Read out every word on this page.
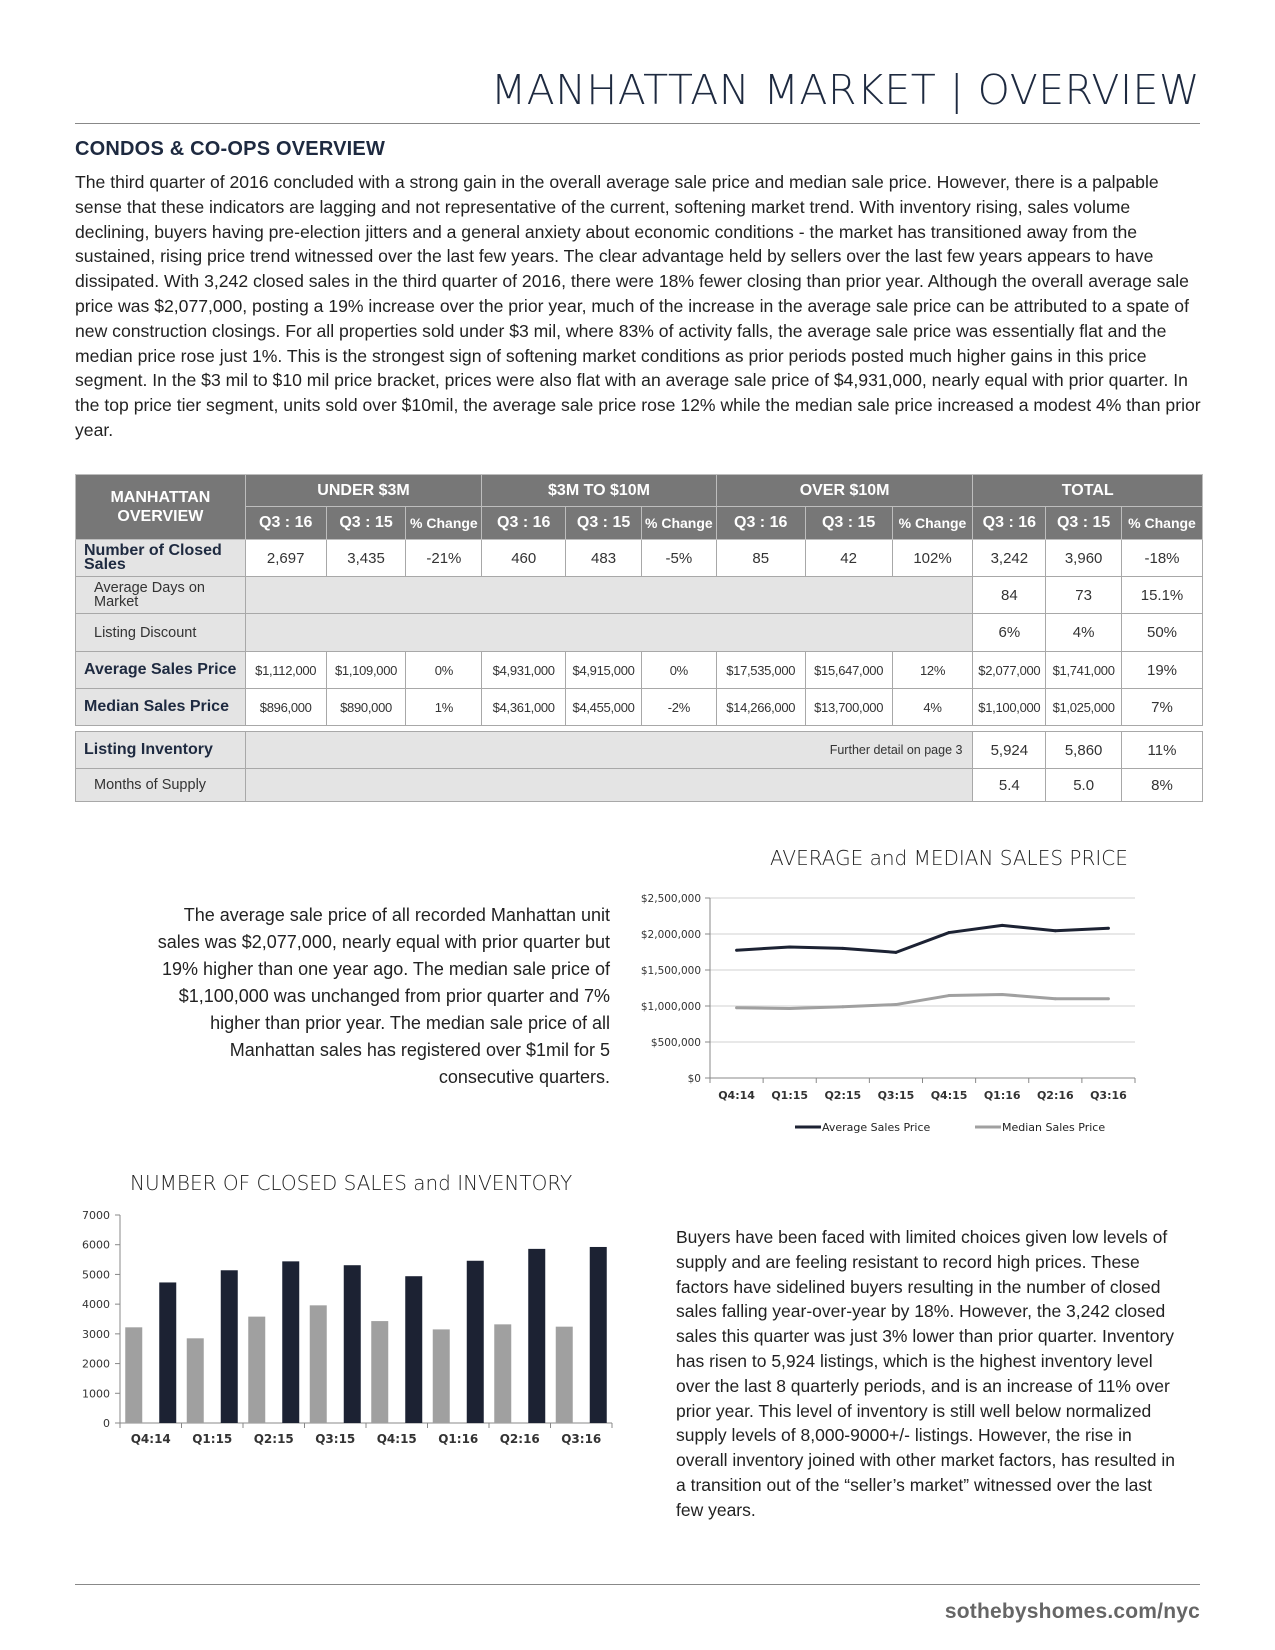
MANHATTAN MARKET | OVERVIEW
CONDOS & CO-OPS OVERVIEW

The third quarter of 2016 concluded with a strong gain in the overall average sale price and median sale price. However, there is a palpable sense that these indicators are lagging and not representative of the current, softening market trend. With inventory rising, sales volume declining, buyers having pre-election jitters and a general anxiety about economic conditions - the market has transitioned away from the sustained, rising price trend witnessed over the last few years. The clear advantage held by sellers over the last few years appears to have dissipated. With 3,242 closed sales in the third quarter of 2016, there were 18% fewer closing than prior year. Although the overall average sale price was $2,077,000, posting a 19% increase over the prior year, much of the increase in the average sale price can be attributed to a spate of new construction closings. For all properties sold under $3 mil, where 83% of activity falls, the average sale price was essentially flat and the median price rose just 1%. This is the strongest sign of softening market conditions as prior periods posted much higher gains in this price segment. In the $3 mil to $10 mil price bracket, prices were also flat with an average sale price of $4,931,000, nearly equal with prior quarter. In the top price tier segment, units sold over $10mil, the average sale price rose 12% while the median sale price increased a modest 4% than prior year.

MANHATTAN OVERVIEW	UNDER $3M			$3M TO $10M			OVER $10M			TOTAL		
	Q3 : 16	Q3 : 15	% Change	Q3 : 16	Q3 : 15	% Change	Q3 : 16	Q3 : 15	% Change	Q3 : 16	Q3 : 15	% Change
Number of Closed Sales	2,697	3,435	-21%	460	483	-5%	85	42	102%	3,242	3,960	-18%
Average Days on Market										84	73	15.1%
Listing Discount										6%	4%	50%
Average Sales Price	$1,112,000	$1,109,000	0%	$4,931,000	$4,915,000	0%	$17,535,000	$15,647,000	12%	$2,077,000	$1,741,000	19%
Median Sales Price	$896,000	$890,000	1%	$4,361,000	$4,455,000	-2%	$14,266,000	$13,700,000	4%	$1,100,000	$1,025,000	7%

Listing Inventory	Further detail on page 3									5,924	5,860	11%
Months of Supply										5.4	5.0	8%
AVERAGE and MEDIAN SALES PRICE
$0
$500,000
$1,000,000
$1,500,000
$2,000,000
$2,500,000
Q4:14 Q1:15 Q2:15 Q3:15 Q4:15 Q1:16 Q2:16 Q3:16
Average Sales Price	Median Sales Price

The average sale price of all recorded Manhattan unit sales was $2,077,000, nearly equal with prior quarter but 19% higher than one year ago. The median sale price of $1,100,000 was unchanged from prior quarter and 7% higher than prior year. The median sale price of all Manhattan sales has registered over $1mil for 5 consecutive quarters.

NUMBER OF CLOSED SALES and INVENTORY
0
1000
2000
3000
4000
5000
6000
7000
Q4:14 Q1:15 Q2:15 Q3:15 Q4:15 Q1:16 Q2:16 Q3:16

Buyers have been faced with limited choices given low levels of supply and are feeling resistant to record high prices. These factors have sidelined buyers resulting in the number of closed sales falling year-over-year by 18%. However, the 3,242 closed sales this quarter was just 3% lower than prior quarter. Inventory has risen to 5,924 listings, which is the highest inventory level over the last 8 quarterly periods, and is an increase of 11% over prior year. This level of inventory is still well below normalized supply levels of 8,000-9000+/- listings. However, the rise in overall inventory joined with other market factors, has resulted in a transition out of the “seller’s market” witnessed over the last few years.

sothebyshomes.com/nyc
